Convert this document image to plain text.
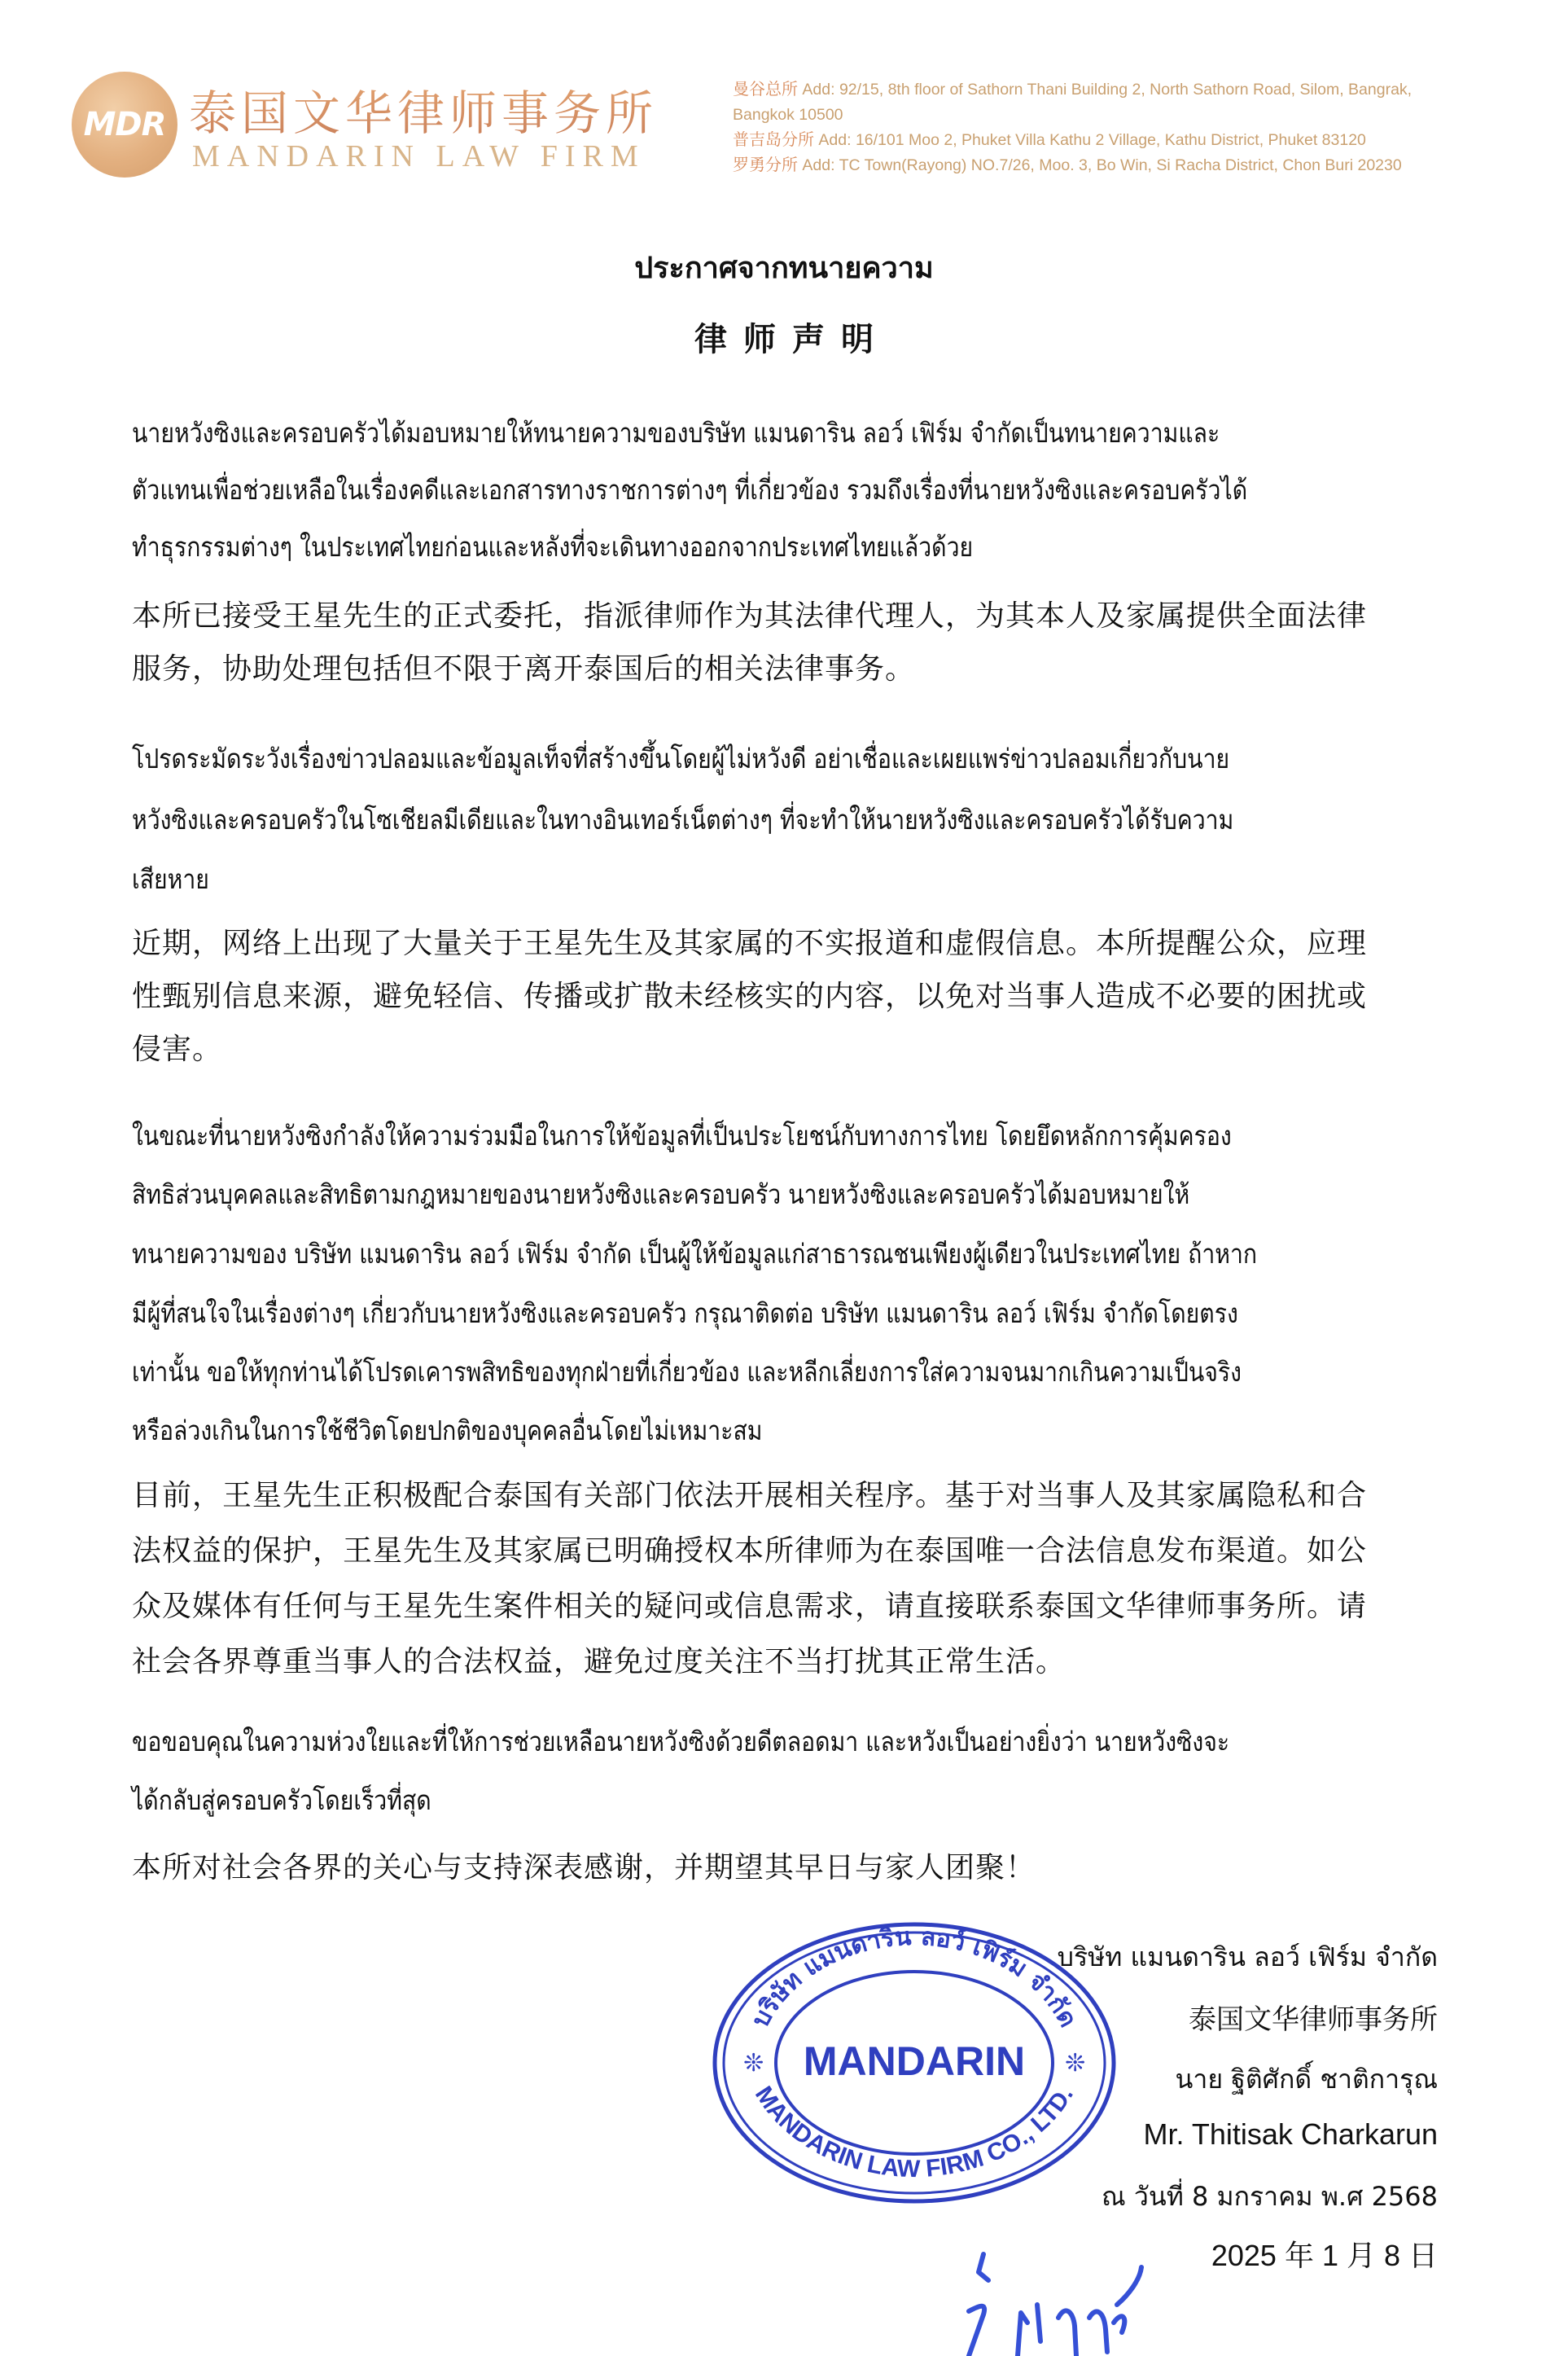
MDR 泰国文华律师事务所
MANDARIN LAW FIRM
曼谷总所 Add: 92/15, 8th floor of Sathorn Thani Building 2, North Sathorn Road, Silom, Bangrak,
Bangkok 10500
普吉岛分所 Add: 16/101 Moo 2, Phuket Villa Kathu 2 Village, Kathu District, Phuket 83120
罗勇分所 Add: TC Town(Rayong) NO.7/26, Moo. 3, Bo Win, Si Racha District, Chon Buri 20230
ประกาศจากทนายความ
律师声明
นายหวังซิงและครอบครัวได้มอบหมายให้ทนายความของบริษัท แมนดาริน ลอว์ เฟิร์ม จำกัดเป็นทนายความและ
ตัวแทนเพื่อช่วยเหลือในเรื่องคดีและเอกสารทางราชการต่างๆ ที่เกี่ยวข้อง รวมถึงเรื่องที่นายหวังซิงและครอบครัวได้
ทำธุรกรรมต่างๆ ในประเทศไทยก่อนและหลังที่จะเดินทางออกจากประเทศไทยแล้วด้วย
本所已接受王星先生的正式委托，指派律师作为其法律代理人，为其本人及家属提供全面法律
服务，协助处理包括但不限于离开泰国后的相关法律事务。
โปรดระมัดระวังเรื่องข่าวปลอมและข้อมูลเท็จที่สร้างขึ้นโดยผู้ไม่หวังดี อย่าเชื่อและเผยแพร่ข่าวปลอมเกี่ยวกับนาย
หวังซิงและครอบครัวในโซเชียลมีเดียและในทางอินเทอร์เน็ตต่างๆ ที่จะทำให้นายหวังซิงและครอบครัวได้รับความ
เสียหาย
近期，网络上出现了大量关于王星先生及其家属的不实报道和虚假信息。本所提醒公众，应理
性甄别信息来源，避免轻信、传播或扩散未经核实的内容，以免对当事人造成不必要的困扰或
侵害。
ในขณะที่นายหวังซิงกำลังให้ความร่วมมือในการให้ข้อมูลที่เป็นประโยชน์กับทางการไทย โดยยึดหลักการคุ้มครอง
สิทธิส่วนบุคคลและสิทธิตามกฎหมายของนายหวังซิงและครอบครัว นายหวังซิงและครอบครัวได้มอบหมายให้
ทนายความของ บริษัท แมนดาริน ลอว์ เฟิร์ม จำกัด เป็นผู้ให้ข้อมูลแก่สาธารณชนเพียงผู้เดียวในประเทศไทย ถ้าหาก
มีผู้ที่สนใจในเรื่องต่างๆ เกี่ยวกับนายหวังซิงและครอบครัว กรุณาติดต่อ บริษัท แมนดาริน ลอว์ เฟิร์ม จำกัดโดยตรง
เท่านั้น ขอให้ทุกท่านได้โปรดเคารพสิทธิของทุกฝ่ายที่เกี่ยวข้อง และหลีกเลี่ยงการใส่ความจนมากเกินความเป็นจริง
หรือล่วงเกินในการใช้ชีวิตโดยปกติของบุคคลอื่นโดยไม่เหมาะสม
目前，王星先生正积极配合泰国有关部门依法开展相关程序。基于对当事人及其家属隐私和合
法权益的保护，王星先生及其家属已明确授权本所律师为在泰国唯一合法信息发布渠道。如公
众及媒体有任何与王星先生案件相关的疑问或信息需求，请直接联系泰国文华律师事务所。请
社会各界尊重当事人的合法权益，避免过度关注不当打扰其正常生活。
ขอขอบคุณในความห่วงใยและที่ให้การช่วยเหลือนายหวังซิงด้วยดีตลอดมา และหวังเป็นอย่างยิ่งว่า นายหวังซิงจะ
ได้กลับสู่ครอบครัวโดยเร็วที่สุด
本所对社会各界的关心与支持深表感谢，并期望其早日与家人团聚！
บริษัท แมนดาริน ลอว์ เฟิร์ม จำกัด
MANDARIN LAW FIRM CO., LTD.
MANDARIN
❊	❊
บริษัท แมนดาริน ลอว์ เฟิร์ม จำกัด
泰国文华律师事务所
นาย ฐิติศักดิ์ ชาติการุณ
Mr. Thitisak Charkarun
ณ วันที่ 8 มกราคม พ.ศ 2568
2025 年 1 月 8 日
